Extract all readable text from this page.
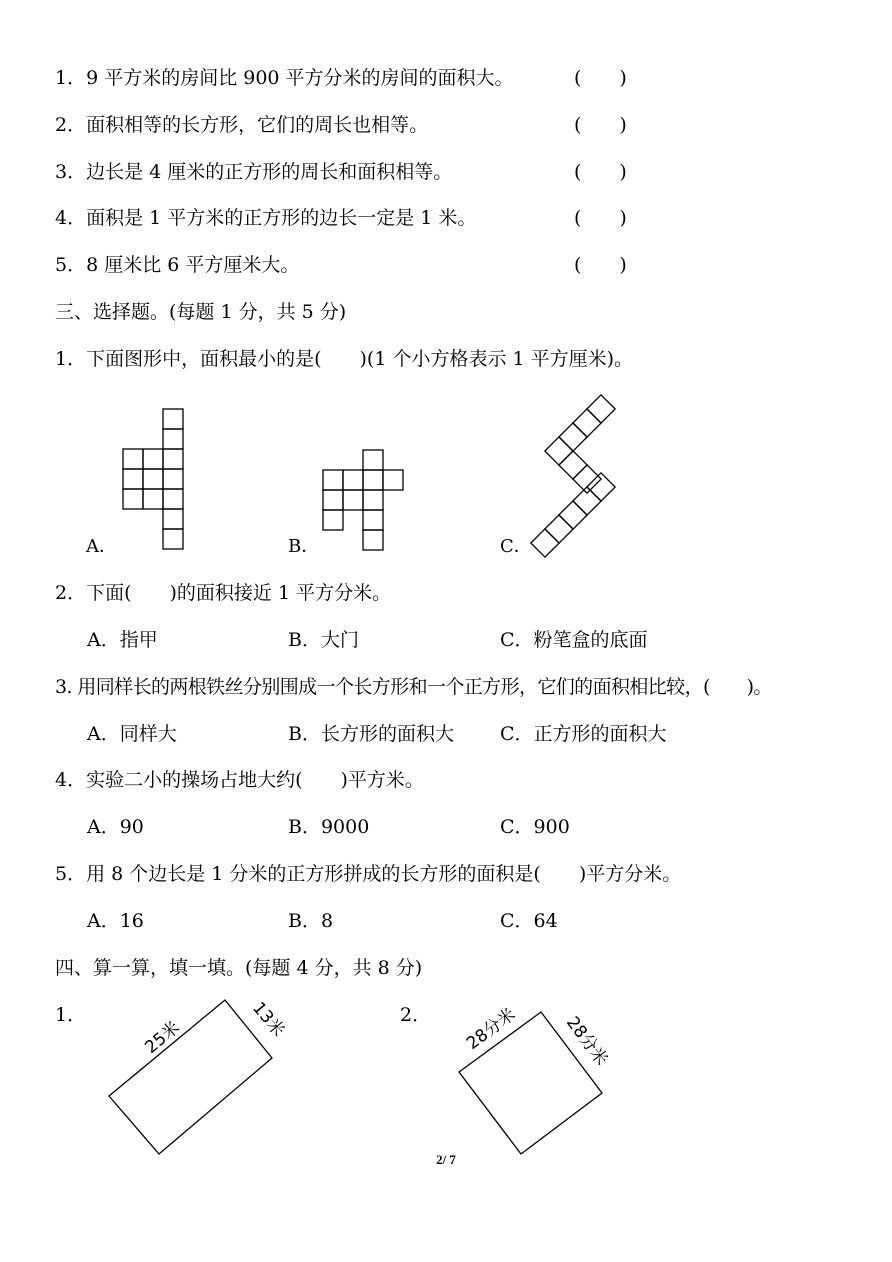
1．9 平方米的房间比 900 平方分米的房间的面积大。	(　　)
2．面积相等的长方形，它们的周长也相等。	(　　)
3．边长是 4 厘米的正方形的周长和面积相等。	(　　)
4．面积是 1 平方米的正方形的边长一定是 1 米。	(　　)
5．8 厘米比 6 平方厘米大。	(　　)
三、选择题。(每题 1 分，共 5 分)
1．下面图形中，面积最小的是(　　)(1 个小方格表示 1 平方厘米)。
25米	13米	28分米	28分米
A．	B．	C．
2．下面(　　)的面积接近 1 平方分米。
A．指甲	B．大门	C．粉笔盒的底面
3. 用同样长的两根铁丝分别围成一个长方形和一个正方形，它们的面积相比较，(　　)。
A．同样大	B．长方形的面积大 C．正方形的面积大
4．实验二小的操场占地大约(　　)平方米。
A．90	B．9000	C．900
5．用 8 个边长是 1 分米的正方形拼成的长方形的面积是(　　)平方分米。
A．16	B．8	C．64
四、算一算，填一填。(每题 4 分，共 8 分)
1．	2．
2/ 7
